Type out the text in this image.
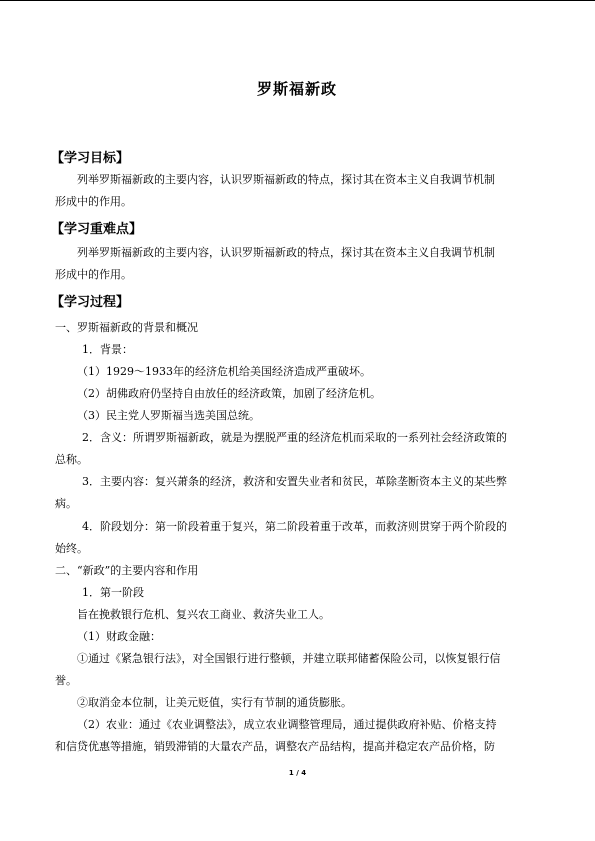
罗斯福新政
【学习目标】
列举罗斯福新政的主要内容，认识罗斯福新政的特点，探讨其在资本主义自我调节机制
形成中的作用。
【学习重难点】
列举罗斯福新政的主要内容，认识罗斯福新政的特点，探讨其在资本主义自我调节机制
形成中的作用。
【学习过程】
一、罗斯福新政的背景和概况
1．背景：
（1）1929～1933年的经济危机给美国经济造成严重破坏。
（2）胡佛政府仍坚持自由放任的经济政策，加剧了经济危机。
（3）民主党人罗斯福当选美国总统。
2．含义：所谓罗斯福新政，就是为摆脱严重的经济危机而采取的一系列社会经济政策的
总称。
3．主要内容：复兴萧条的经济，救济和安置失业者和贫民，革除垄断资本主义的某些弊
病。
4．阶段划分：第一阶段着重于复兴，第二阶段着重于改革，而救济则贯穿于两个阶段的
始终。
二、“新政”的主要内容和作用
1．第一阶段
旨在挽救银行危机、复兴农工商业、救济失业工人。
（1）财政金融：
①通过《紧急银行法》，对全国银行进行整顿，并建立联邦储蓄保险公司，以恢复银行信
誉。
②取消金本位制，让美元贬值，实行有节制的通货膨胀。
（2）农业：通过《农业调整法》，成立农业调整管理局，通过提供政府补贴、价格支持
和信贷优惠等措施，销毁滞销的大量农产品，调整农产品结构，提高并稳定农产品价格，防
1 / 4
